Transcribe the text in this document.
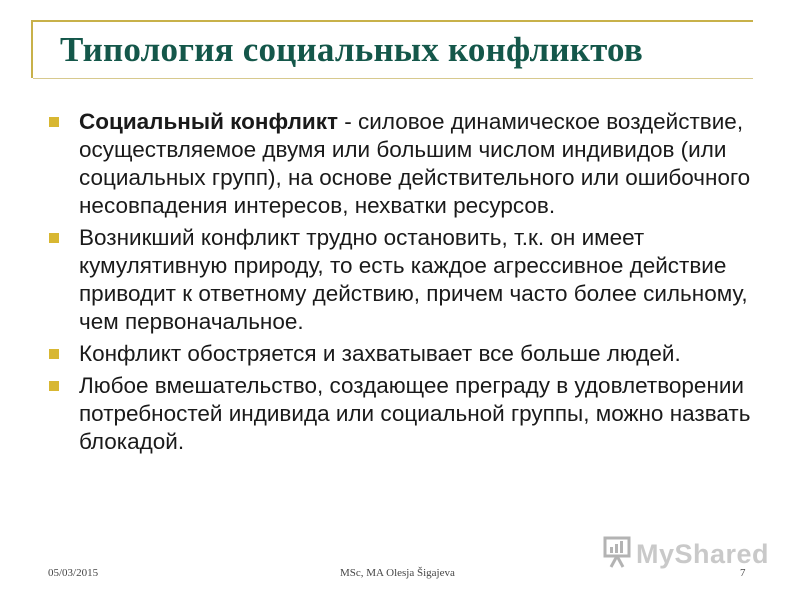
Типология социальных конфликтов
Социальный конфликт - силовое динамическое воздействие, осуществляемое двумя или большим числом индивидов (или социальных групп), на основе действительного или ошибочного несовпадения интересов, нехватки ресурсов.
Возникший конфликт трудно остановить, т.к. он имеет кумулятивную природу, то есть каждое агрессивное действие приводит к ответному действию, причем часто более сильному, чем первоначальное.
Конфликт обостряется и захватывает все больше людей.
Любое вмешательство, создающее преграду в удовлетворении потребностей индивида или социальной группы, можно назвать блокадой.
MyShared
05/03/2015	MSc, MA Olesja Šigajeva	7
